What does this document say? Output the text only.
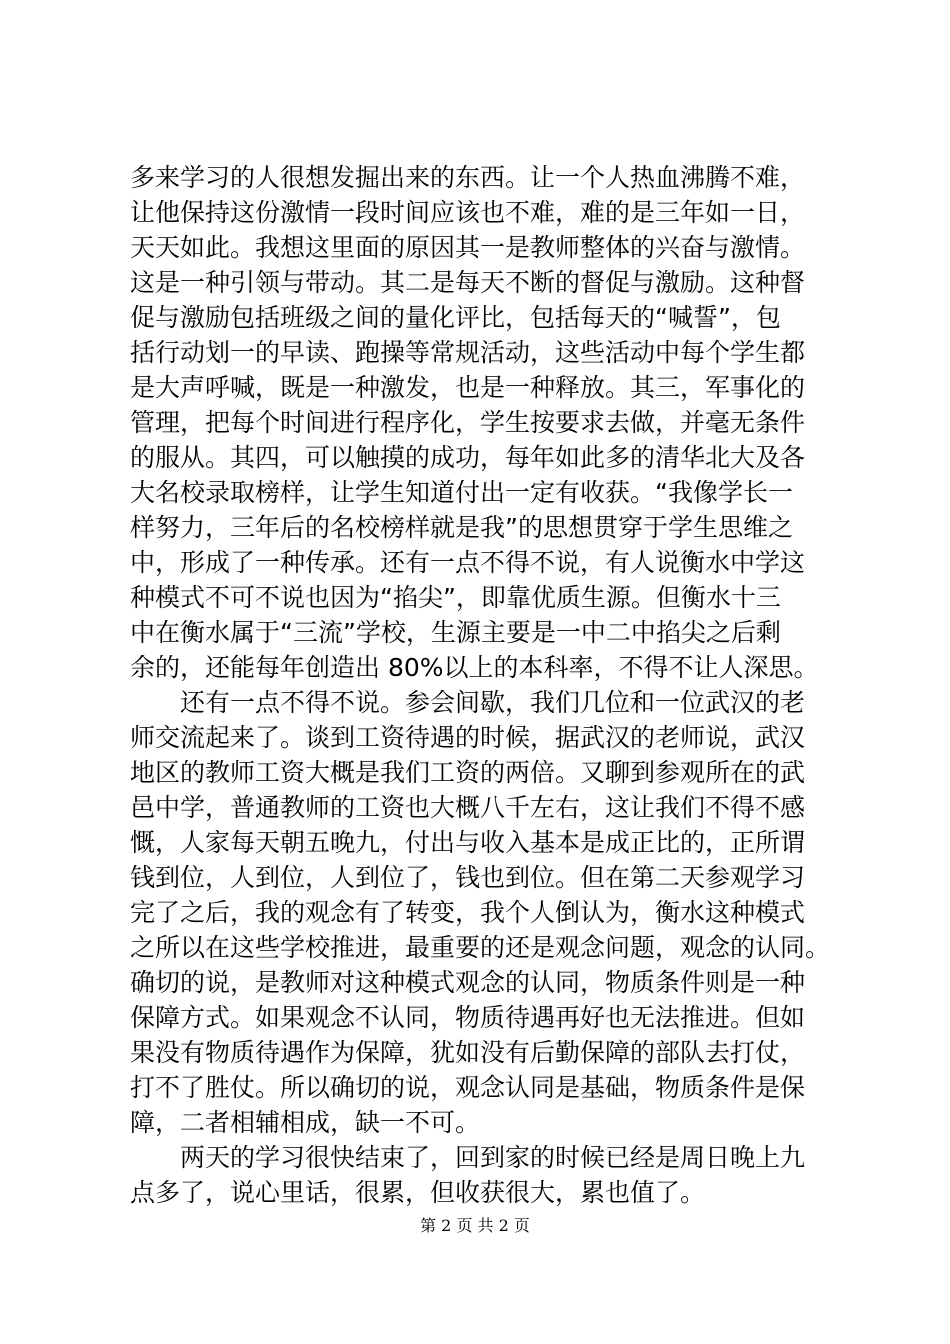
多来学习的人很想发掘出来的东西。让一个人热血沸腾不难，
让他保持这份激情一段时间应该也不难，难的是三年如一日，
天天如此。我想这里面的原因其一是教师整体的兴奋与激情。
这是一种引领与带动。其二是每天不断的督促与激励。这种督
促与激励包括班级之间的量化评比，包括每天的“喊誓”，包
括行动划一的早读、跑操等常规活动，这些活动中每个学生都
是大声呼喊，既是一种激发，也是一种释放。其三，军事化的
管理，把每个时间进行程序化，学生按要求去做，并毫无条件
的服从。其四，可以触摸的成功，每年如此多的清华北大及各
大名校录取榜样，让学生知道付出一定有收获。“我像学长一
样努力，三年后的名校榜样就是我”的思想贯穿于学生思维之
中，形成了一种传承。还有一点不得不说，有人说衡水中学这
种模式不可不说也因为“掐尖”，即靠优质生源。但衡水十三
中在衡水属于“三流”学校，生源主要是一中二中掐尖之后剩
余的，还能每年创造出 80%以上的本科率，不得不让人深思。
　　还有一点不得不说。参会间歇，我们几位和一位武汉的老
师交流起来了。谈到工资待遇的时候，据武汉的老师说，武汉
地区的教师工资大概是我们工资的两倍。又聊到参观所在的武
邑中学，普通教师的工资也大概八千左右，这让我们不得不感
慨，人家每天朝五晚九，付出与收入基本是成正比的，正所谓
钱到位，人到位，人到位了，钱也到位。但在第二天参观学习
完了之后，我的观念有了转变，我个人倒认为，衡水这种模式
之所以在这些学校推进，最重要的还是观念问题，观念的认同。
确切的说，是教师对这种模式观念的认同，物质条件则是一种
保障方式。如果观念不认同，物质待遇再好也无法推进。但如
果没有物质待遇作为保障，犹如没有后勤保障的部队去打仗，
打不了胜仗。所以确切的说，观念认同是基础，物质条件是保
障，二者相辅相成，缺一不可。
　　两天的学习很快结束了，回到家的时候已经是周日晚上九
点多了，说心里话，很累，但收获很大，累也值了。
第 2 页 共 2 页
